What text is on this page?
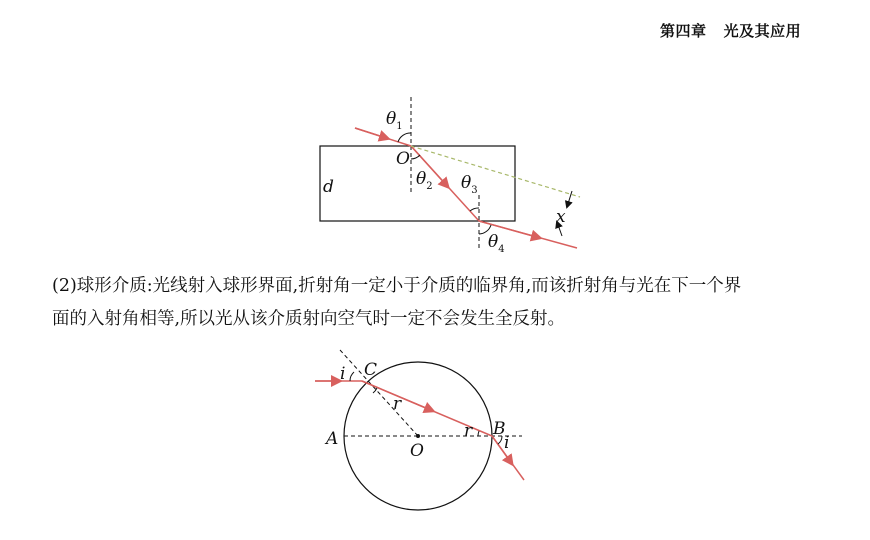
第四章   光及其应用
$\theta_1$
O
$\theta_2$ $\theta_3$
$\theta_4$
d
x
(2)球形介质:光线射入球形界面,折射角一定小于介质的临界角,而该折射角与光在下一个界
面的入射角相等,所以光从该介质射向空气时一定不会发生全反射。
i C
r
A
O
r B
i
